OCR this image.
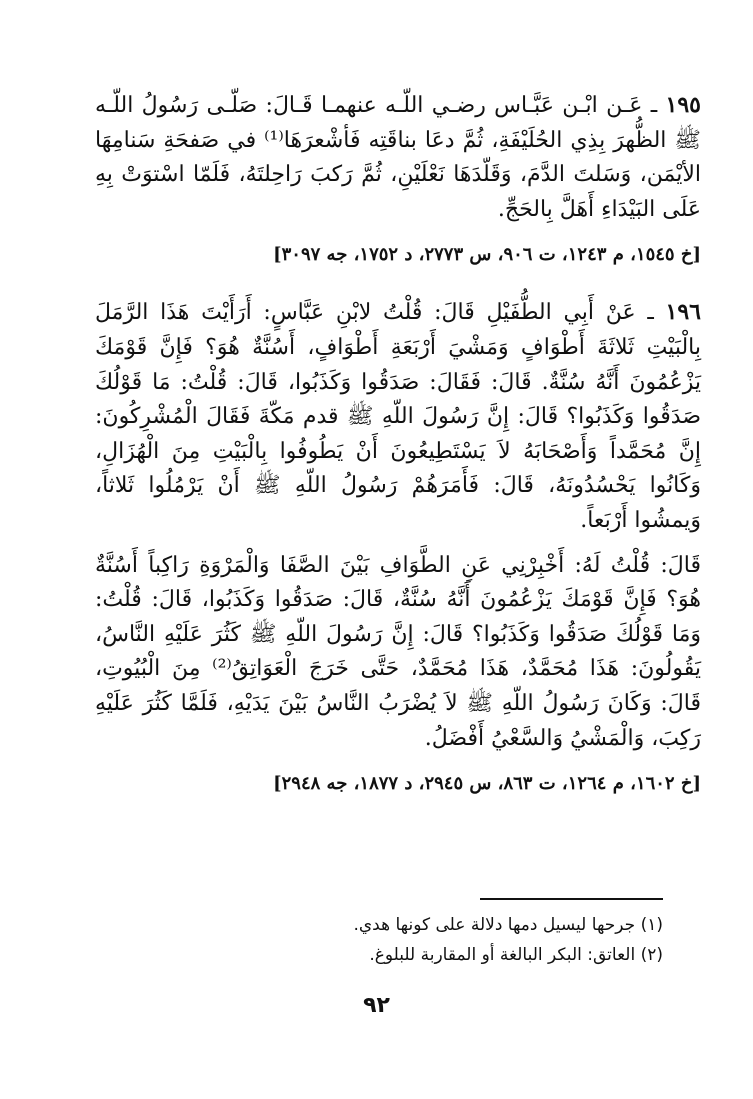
١٩٥ ـ عَـن ابْـن عَبَّـاس رضـي اللّـه عنهمـا قَـالَ: صَلّـى رَسُولُ اللّـه ﷺ الظُّهرَ بِذِي الحُلَيْفَةِ، ثُمَّ دعَا بناقَتِه فَأشْعرَهَا⁽¹⁾ في صَفحَةِ سَنامِهَا الأيْمَن، وَسَلتَ الدَّمَ، وَقَلّدَهَا نَعْلَيْنِ، ثُمَّ رَكبَ رَاحِلتَهُ، فَلَمّا اسْتوَتْ بِهِ عَلَى البَيْدَاءِ أَهَلَّ بِالحَجِّ.

[خ ١٥٤٥، م ١٢٤٣، ت ٩٠٦، س ٢٧٧٣، د ١٧٥٢، جه ٣٠٩٧]

١٩٦ ـ عَنْ أَبِي الطُّفَيْلِ قَالَ: قُلْتُ لابْنِ عَبَّاسٍ: أَرَأَيْتَ هَذَا الرَّمَلَ بِالْبَيْتِ ثَلاثَةَ أَطْوَافٍ وَمَشْيَ أَرْبَعَةِ أَطْوَافٍ، أَسُنَّةٌ هُوَ؟ فَإِنَّ قَوْمَكَ يَزْعُمُونَ أَنَّهُ سُنَّةٌ. قَالَ: فَقَالَ: صَدَقُوا وَكَذَبُوا، قَالَ: قُلْتُ: مَا قَوْلُكَ صَدَقُوا وَكَذَبُوا؟ قَالَ: إِنَّ رَسُولَ اللّهِ ﷺ قدم مَكّةَ فَقَالَ الْمُشْرِكُونَ: إِنَّ مُحَمَّداً وَأَصْحَابَهُ لاَ يَسْتَطِيعُونَ أَنْ يَطُوفُوا بِالْبَيْتِ مِنَ الْهُزَالِ، وَكَانُوا يَحْسُدُونَهُ، قَالَ: فَأَمَرَهُمْ رَسُولُ اللّهِ ﷺ أَنْ يَرْمُلُوا ثَلاثاً، وَيمشُوا أَرْبَعاً.

قَالَ: قُلْتُ لَهُ: أَخْبِرْنِي عَنِ الطَّوَافِ بَيْنَ الصَّفَا وَالْمَرْوَةِ رَاكِباً أَسُنَّةٌ هُوَ؟ فَإِنَّ قَوْمَكَ يَزْعُمُونَ أَنَّهُ سُنَّةٌ، قَالَ: صَدَقُوا وَكَذَبُوا، قَالَ: قُلْتُ: وَمَا قَوْلُكَ صَدَقُوا وَكَذَبُوا؟ قَالَ: إِنَّ رَسُولَ اللّهِ ﷺ كَثُرَ عَلَيْهِ النَّاسُ، يَقُولُونَ: هَذَا مُحَمَّدٌ، هَذَا مُحَمَّدٌ، حَتَّى خَرَجَ الْعَوَاتِقُ⁽²⁾ مِنَ الْبُيُوتِ، قَالَ: وَكَانَ رَسُولُ اللّهِ ﷺ لاَ يُضْرَبُ النَّاسُ بَيْنَ يَدَيْهِ، فَلَمَّا كَثُرَ عَلَيْهِ رَكِبَ، وَالْمَشْيُ وَالسَّعْيُ أَفْضَلُ.

[خ ١٦٠٢، م ١٢٦٤، ت ٨٦٣، س ٢٩٤٥، د ١٨٧٧، جه ٢٩٤٨]

(١) جرحها ليسيل دمها دلالة على كونها هدي.

(٢) العاتق: البكر البالغة أو المقاربة للبلوغ.

٩٢
